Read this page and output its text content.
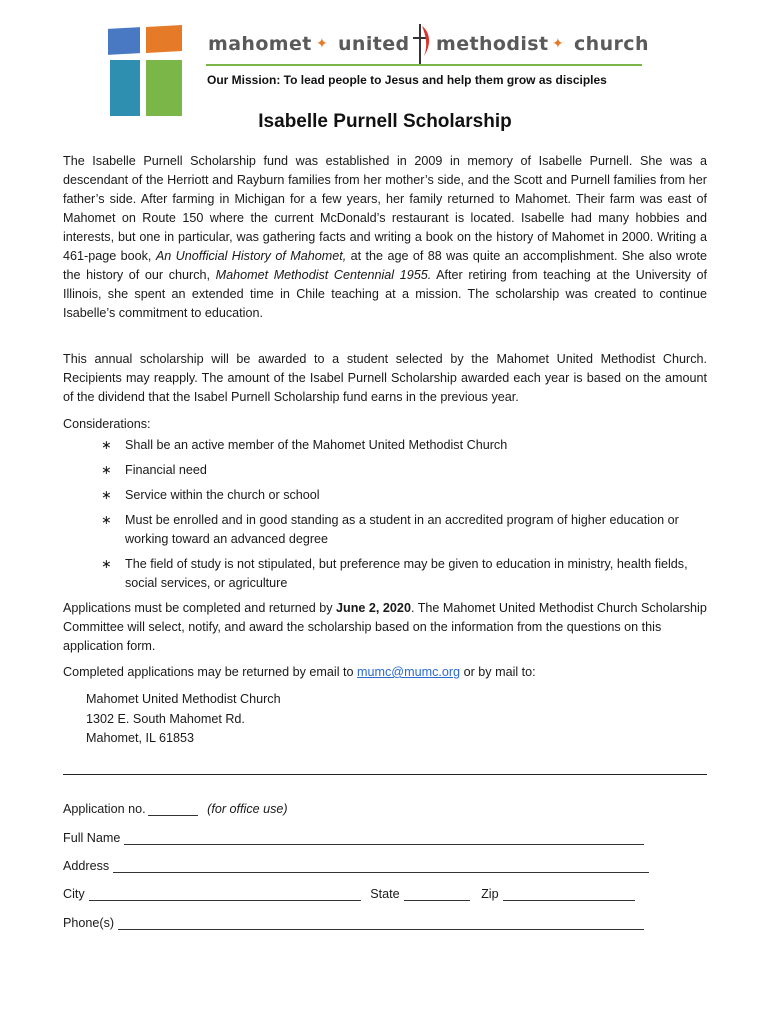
mahomet ✦ united methodist ✦ church
Our Mission: To lead people to Jesus and help them grow as disciples
Isabelle Purnell Scholarship

The Isabelle Purnell Scholarship fund was established in 2009 in memory of Isabelle Purnell. She was a descendant of the Herriott and Rayburn families from her mother’s side, and the Scott and Purnell families from her father’s side. After farming in Michigan for a few years, her family returned to Mahomet. Their farm was east of Mahomet on Route 150 where the current McDonald’s restaurant is located. Isabelle had many hobbies and interests, but one in particular, was gathering facts and writing a book on the history of Mahomet in 2000. Writing a 461-page book, An Unofficial History of Mahomet, at the age of 88 was quite an accomplishment. She also wrote the history of our church, Mahomet Methodist Centennial 1955. After retiring from teaching at the University of Illinois, she spent an extended time in Chile teaching at a mission. The scholarship was created to continue Isabelle’s commitment to education.

This annual scholarship will be awarded to a student selected by the Mahomet United Methodist Church. Recipients may reapply. The amount of the Isabel Purnell Scholarship awarded each year is based on the amount of the dividend that the Isabel Purnell Scholarship fund earns in the previous year.

Considerations:
∗ Shall be an active member of the Mahomet United Methodist Church
∗ Financial need
∗ Service within the church or school
∗ Must be enrolled and in good standing as a student in an accredited program of higher education or working toward an advanced degree
∗ The field of study is not stipulated, but preference may be given to education in ministry, health fields, social services, or agriculture

Applications must be completed and returned by June 2, 2020. The Mahomet United Methodist Church Scholarship Committee will select, notify, and award the scholarship based on the information from the questions on this application form.

Completed applications may be returned by email to mumc@mumc.org or by mail to:
Mahomet United Methodist Church
1302 E. South Mahomet Rd.
Mahomet, IL 61853
Application no.	(for office use)
Full Name
Address
City	State	Zip
Phone(s)
